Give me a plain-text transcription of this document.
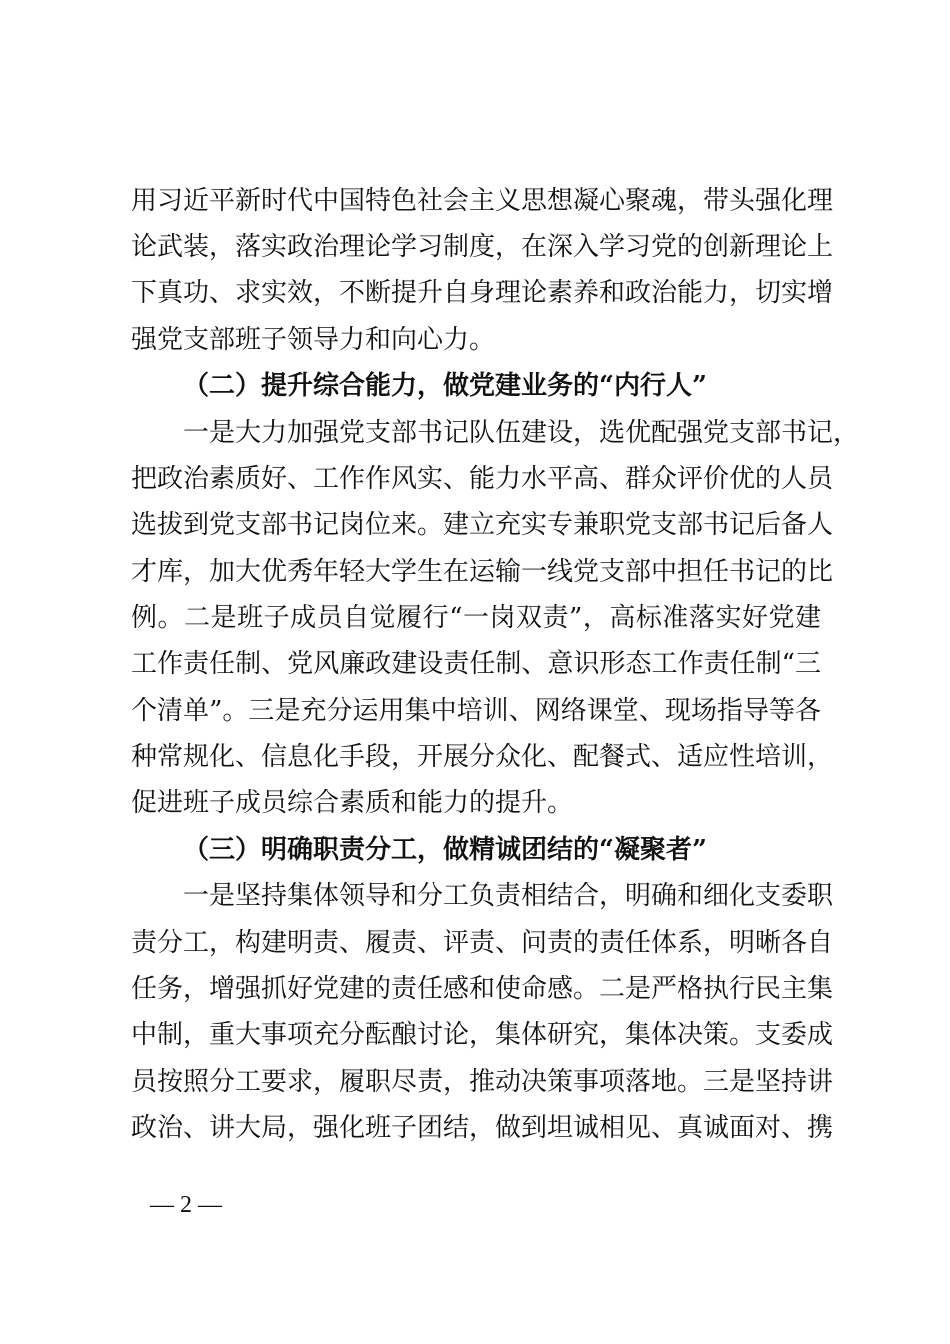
用习近平新时代中国特色社会主义思想凝心聚魂，带头强化理
论武装，落实政治理论学习制度，在深入学习党的创新理论上
下真功、求实效，不断提升自身理论素养和政治能力，切实增
强党支部班子领导力和向心力。
（二）提升综合能力，做党建业务的“内行人”
一是大力加强党支部书记队伍建设，选优配强党支部书记，
把政治素质好、工作作风实、能力水平高、群众评价优的人员
选拔到党支部书记岗位来。建立充实专兼职党支部书记后备人
才库，加大优秀年轻大学生在运输一线党支部中担任书记的比
例。二是班子成员自觉履行“一岗双责”，高标准落实好党建
工作责任制、党风廉政建设责任制、意识形态工作责任制“三
个清单”。三是充分运用集中培训、网络课堂、现场指导等各
种常规化、信息化手段，开展分众化、配餐式、适应性培训，
促进班子成员综合素质和能力的提升。
（三）明确职责分工，做精诚团结的“凝聚者”
一是坚持集体领导和分工负责相结合，明确和细化支委职
责分工，构建明责、履责、评责、问责的责任体系，明晰各自
任务，增强抓好党建的责任感和使命感。二是严格执行民主集
中制，重大事项充分酝酿讨论，集体研究，集体决策。支委成
员按照分工要求，履职尽责，推动决策事项落地。三是坚持讲
政治、讲大局，强化班子团结，做到坦诚相见、真诚面对、携
— 2 —
